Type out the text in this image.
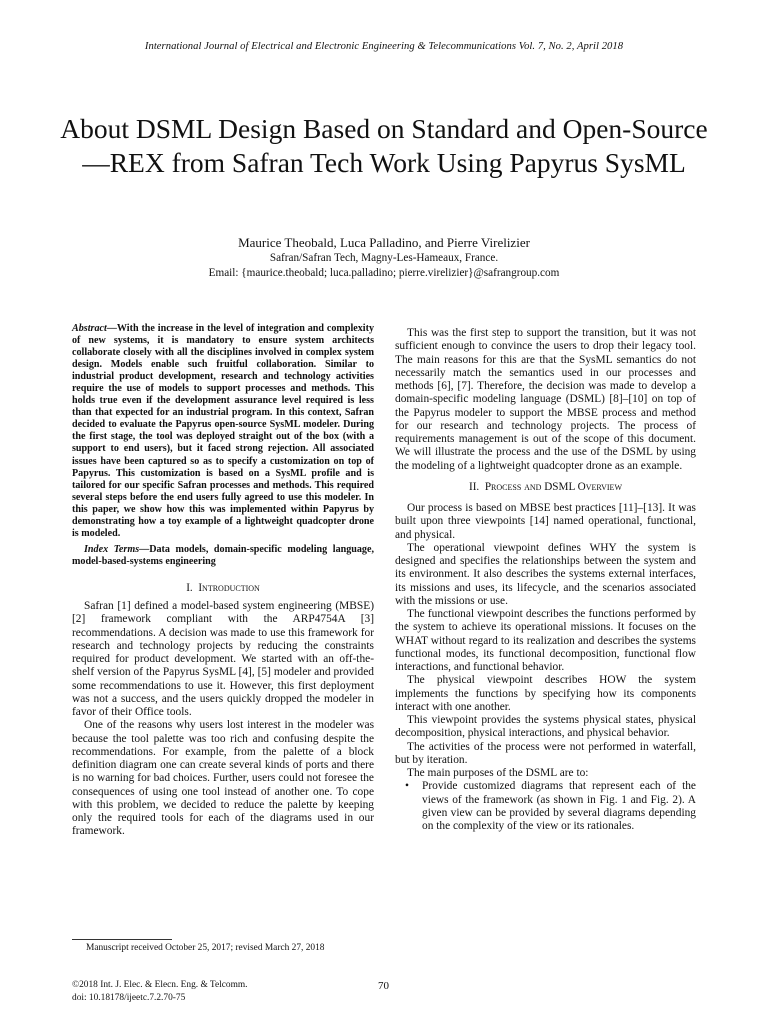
International Journal of Electrical and Electronic Engineering & Telecommunications Vol. 7, No. 2, April 2018
About DSML Design Based on Standard and Open-Source—REX from Safran Tech Work Using Papyrus SysML
Maurice Theobald, Luca Palladino, and Pierre Virelizier
Safran/Safran Tech, Magny-Les-Hameaux, France.
Email: {maurice.theobald; luca.palladino; pierre.virelizier}@safrangroup.com

Abstract—With the increase in the level of integration and complexity of new systems, it is mandatory to ensure system architects collaborate closely with all the disciplines involved in complex system design. Models enable such fruitful collaboration. Similar to industrial product development, research and technology activities require the use of models to support processes and methods. This holds true even if the development assurance level required is less than that expected for an industrial program. In this context, Safran decided to evaluate the Papyrus open-source SysML modeler. During the first stage, the tool was deployed straight out of the box (with a support to end users), but it faced strong rejection. All associated issues have been captured so as to specify a customization on top of Papyrus. This customization is based on a SysML profile and is tailored for our specific Safran processes and methods. This required several steps before the end users fully agreed to use this modeler. In this paper, we show how this was implemented within Papyrus by demonstrating how a toy example of a lightweight quadcopter drone is modeled.

Index Terms—Data models, domain-specific modeling language, model-based-systems engineering

I. Introduction

Safran [1] defined a model-based system engineering (MBSE) [2] framework compliant with the ARP4754A [3] recommendations. A decision was made to use this framework for research and technology projects by reducing the constraints required for product development. We started with an off-the-shelf version of the Papyrus SysML [4], [5] modeler and provided some recommendations to use it. However, this first deployment was not a success, and the users quickly dropped the modeler in favor of their Office tools.

One of the reasons why users lost interest in the modeler was because the tool palette was too rich and confusing despite the recommendations. For example, from the palette of a block definition diagram one can create several kinds of ports and there is no warning for bad choices. Further, users could not foresee the consequences of using one tool instead of another one. To cope with this problem, we decided to reduce the palette by keeping only the required tools for each of the diagrams used in our framework.

This was the first step to support the transition, but it was not sufficient enough to convince the users to drop their legacy tool. The main reasons for this are that the SysML semantics do not necessarily match the semantics used in our processes and methods [6], [7]. Therefore, the decision was made to develop a domain-specific modeling language (DSML) [8]–[10] on top of the Papyrus modeler to support the MBSE process and method for our research and technology projects. The process of requirements management is out of the scope of this document. We will illustrate the process and the use of the DSML by using the modeling of a lightweight quadcopter drone as an example.

II. Process and DSML Overview

Our process is based on MBSE best practices [11]–[13]. It was built upon three viewpoints [14] named operational, functional, and physical.

The operational viewpoint defines WHY the system is designed and specifies the relationships between the system and its environment. It also describes the systems external interfaces, its missions and uses, its lifecycle, and the scenarios associated with the missions or use.

The functional viewpoint describes the functions performed by the system to achieve its operational missions. It focuses on the WHAT without regard to its realization and describes the systems functional modes, its functional decomposition, functional flow interactions, and functional behavior.

The physical viewpoint describes HOW the system implements the functions by specifying how its components interact with one another.

This viewpoint provides the systems physical states, physical decomposition, physical interactions, and physical behavior.

The activities of the process were not performed in waterfall, but by iteration.

The main purposes of the DSML are to:

• Provide customized diagrams that represent each of the views of the framework (as shown in Fig. 1 and Fig. 2). A given view can be provided by several diagrams depending on the complexity of the view or its rationales.
Manuscript received October 25, 2017; revised March 27, 2018
©2018 Int. J. Elec. & Elecn. Eng. & Telcomm.
doi: 10.18178/ijeetc.7.2.70-75
70
